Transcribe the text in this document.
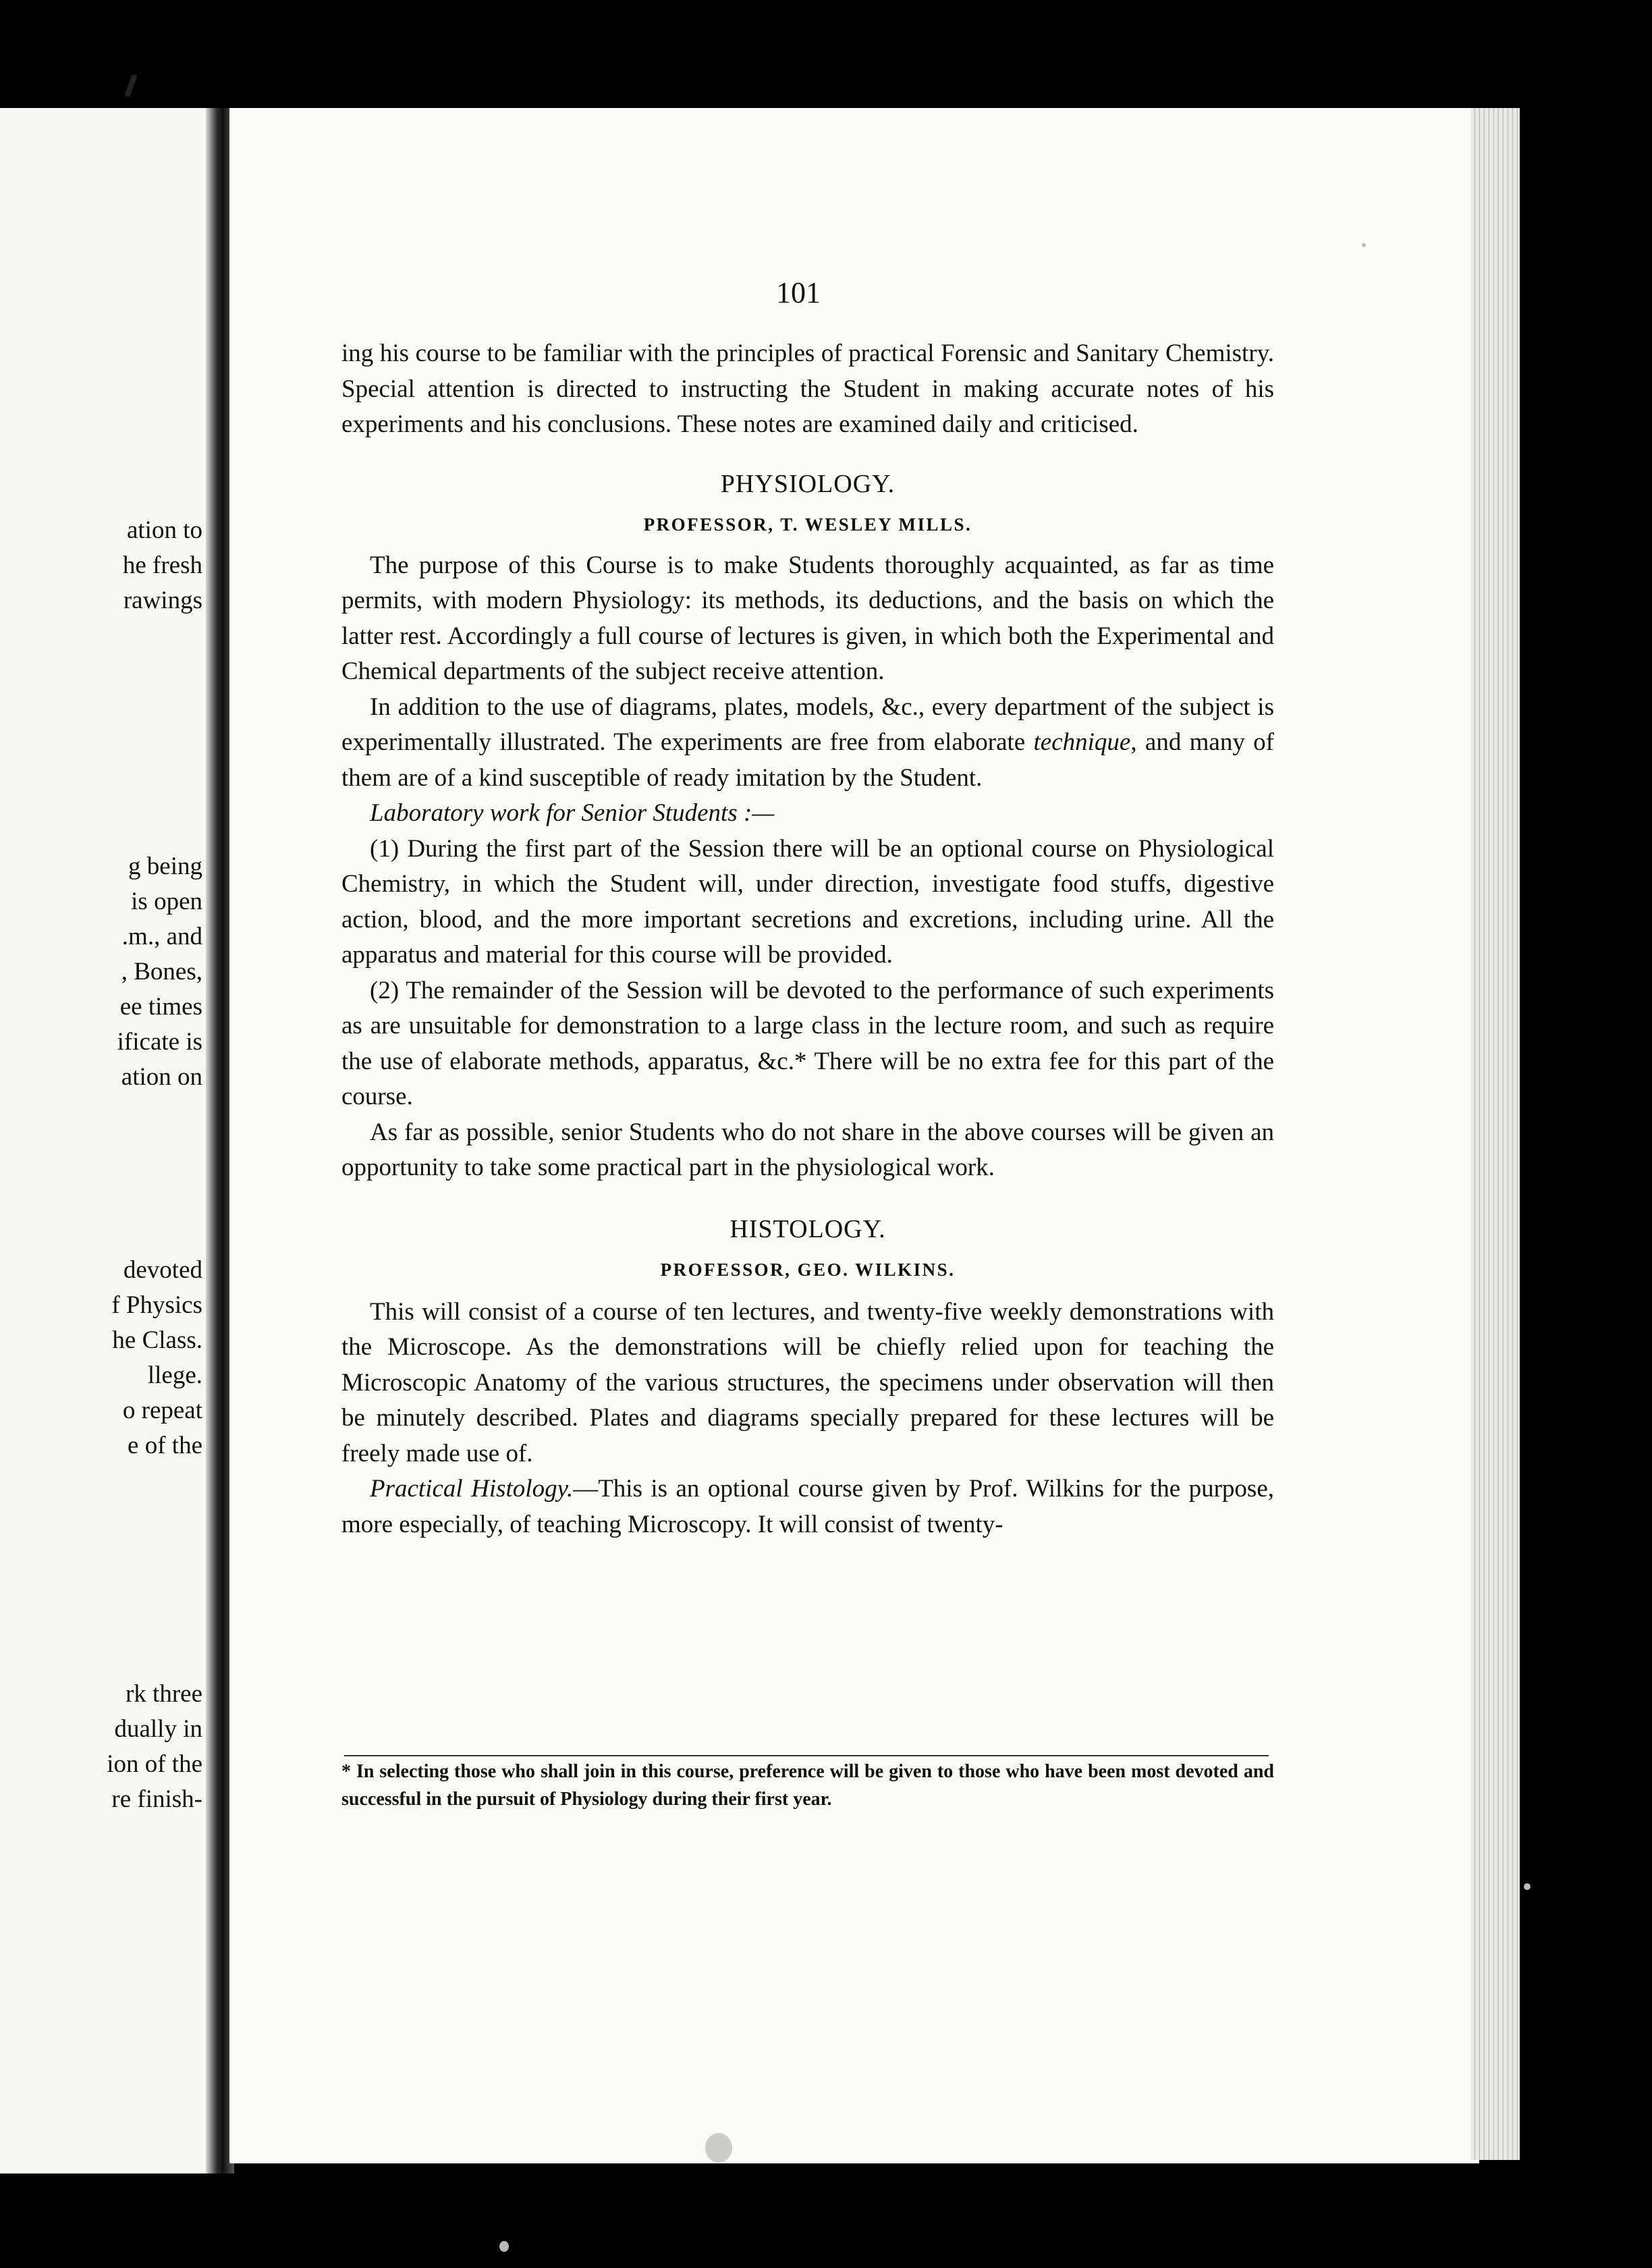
ation to
he fresh
rawings
g being
is open
.m., and
, Bones,
ee times
ificate is
ation on
devoted
f Physics
he Class.
llege.
o repeat
e of the
rk three
dually in
ion of the
re finish-
101

ing his course to be familiar with the principles of practical Forensic and Sanitary Chemistry. Special attention is directed to instructing the Student in making accurate notes of his experiments and his conclusions. These notes are examined daily and criticised.

PHYSIOLOGY.

PROFESSOR, T. WESLEY MILLS.

The purpose of this Course is to make Students thoroughly acquainted, as far as time permits, with modern Physiology: its methods, its deductions, and the basis on which the latter rest. Accordingly a full course of lectures is given, in which both the Experimental and Chemical departments of the subject receive attention.

In addition to the use of diagrams, plates, models, &c., every department of the subject is experimentally illustrated. The experiments are free from elaborate technique, and many of them are of a kind susceptible of ready imitation by the Student.

Laboratory work for Senior Students :—

(1) During the first part of the Session there will be an optional course on Physiological Chemistry, in which the Student will, under direction, investigate food stuffs, digestive action, blood, and the more important secretions and excretions, including urine. All the apparatus and material for this course will be provided.

(2) The remainder of the Session will be devoted to the performance of such experiments as are unsuitable for demonstration to a large class in the lecture room, and such as require the use of elaborate methods, apparatus, &c.* There will be no extra fee for this part of the course.

As far as possible, senior Students who do not share in the above courses will be given an opportunity to take some practical part in the physiological work.

HISTOLOGY.

PROFESSOR, GEO. WILKINS.

This will consist of a course of ten lectures, and twenty-five weekly demonstrations with the Microscope. As the demonstrations will be chiefly relied upon for teaching the Microscopic Anatomy of the various structures, the specimens under observation will then be minutely described. Plates and diagrams specially prepared for these lectures will be freely made use of.

Practical Histology.—This is an optional course given by Prof. Wilkins for the purpose, more especially, of teaching Microscopy. It will consist of twenty-

* In selecting those who shall join in this course, preference will be given to those who have been most devoted and successful in the pursuit of Physiology during their first year.
